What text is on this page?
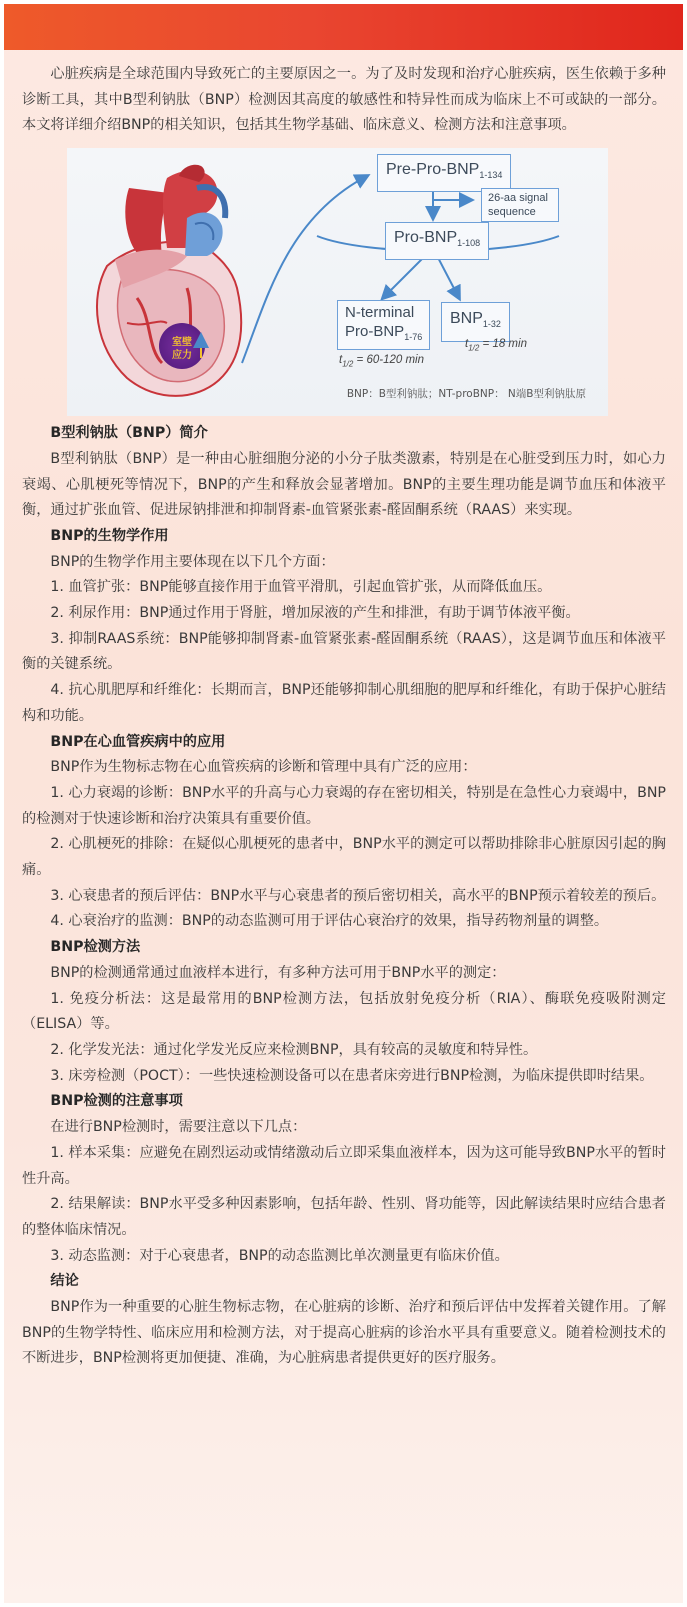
心脏疾病是全球范围内导致死亡的主要原因之一。为了及时发现和治疗心脏疾病，医生依赖于多种诊断工具，其中B型利钠肽（BNP）检测因其高度的敏感性和特异性而成为临床上不可或缺的一部分。本文将详细介绍BNP的相关知识，包括其生物学基础、临床意义、检测方法和注意事项。

Pre-$Pro-BNP_{1-134}$
26-aa signal sequence
Pro-$BNP_{1-108}$
N-terminal
Pro-$BNP_{1-76}$
$BNP_{1-32}$
$t_{1/2} = 60-120$ min
$t_{1/2} = 18$ min
室壁应力
BNP：B型利钠肽；NT-proBNP： N端B型利钠肽原

B型利钠肽（BNP）简介

B型利钠肽（BNP）是一种由心脏细胞分泌的小分子肽类激素，特别是在心脏受到压力时，如心力衰竭、心肌梗死等情况下，BNP的产生和释放会显著增加。BNP的主要生理功能是调节血压和体液平衡，通过扩张血管、促进尿钠排泄和抑制肾素-血管紧张素-醛固酮系统（RAAS）来实现。

BNP的生物学作用

BNP的生物学作用主要体现在以下几个方面：

1. 血管扩张：BNP能够直接作用于血管平滑肌，引起血管扩张，从而降低血压。

2. 利尿作用：BNP通过作用于肾脏，增加尿液的产生和排泄，有助于调节体液平衡。

3. 抑制RAAS系统：BNP能够抑制肾素-血管紧张素-醛固酮系统（RAAS），这是调节血压和体液平衡的关键系统。

4. 抗心肌肥厚和纤维化：长期而言，BNP还能够抑制心肌细胞的肥厚和纤维化，有助于保护心脏结构和功能。

BNP在心血管疾病中的应用

BNP作为生物标志物在心血管疾病的诊断和管理中具有广泛的应用：

1. 心力衰竭的诊断：BNP水平的升高与心力衰竭的存在密切相关，特别是在急性心力衰竭中，BNP的检测对于快速诊断和治疗决策具有重要价值。

2. 心肌梗死的排除：在疑似心肌梗死的患者中，BNP水平的测定可以帮助排除非心脏原因引起的胸痛。

3. 心衰患者的预后评估：BNP水平与心衰患者的预后密切相关，高水平的BNP预示着较差的预后。

4. 心衰治疗的监测：BNP的动态监测可用于评估心衰治疗的效果，指导药物剂量的调整。

BNP检测方法

BNP的检测通常通过血液样本进行，有多种方法可用于BNP水平的测定：

1. 免疫分析法：这是最常用的BNP检测方法，包括放射免疫分析（RIA）、酶联免疫吸附测定（ELISA）等。

2. 化学发光法：通过化学发光反应来检测BNP，具有较高的灵敏度和特异性。

3. 床旁检测（POCT）：一些快速检测设备可以在患者床旁进行BNP检测，为临床提供即时结果。

BNP检测的注意事项

在进行BNP检测时，需要注意以下几点：

1. 样本采集：应避免在剧烈运动或情绪激动后立即采集血液样本，因为这可能导致BNP水平的暂时性升高。

2. 结果解读：BNP水平受多种因素影响，包括年龄、性别、肾功能等，因此解读结果时应结合患者的整体临床情况。

3. 动态监测：对于心衰患者，BNP的动态监测比单次测量更有临床价值。

结论

BNP作为一种重要的心脏生物标志物，在心脏病的诊断、治疗和预后评估中发挥着关键作用。了解BNP的生物学特性、临床应用和检测方法，对于提高心脏病的诊治水平具有重要意义。随着检测技术的不断进步，BNP检测将更加便捷、准确，为心脏病患者提供更好的医疗服务。
